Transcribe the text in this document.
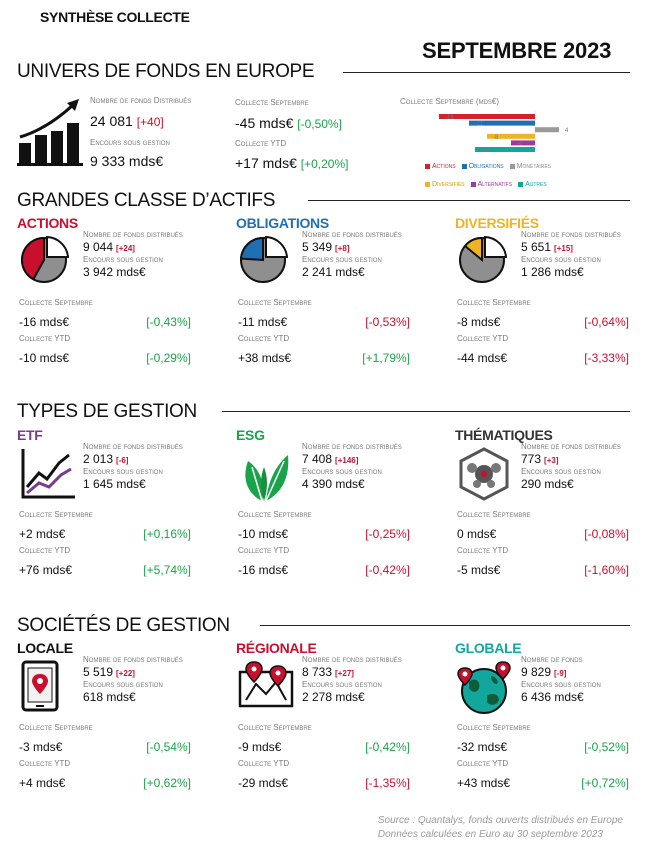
SYNTHÈSE COLLECTE
SEPTEMBRE 2023
UNIVERS DE FONDS EN EUROPE
Nombre de fonds Distribués
24 081 [+40]
Encours sous gestion
9 333 mds€
Collecte Septembre
-45 mds€ [-0,50%]
Collecte YTD
+17 mds€ [+0,20%]
Collecte Septembre (mds€)
-16
-11
4
-8
-4
-10
Actions Obligations Monétaires
Diversifiés Alternatifs Autres
GRANDES CLASSE D’ACTIFS
ACTIONS
Nombre de fonds distribués
9 044 [+24]
Encours sous gestion
3 942 mds€
Collecte Septembre
-16 mds€	[-0,43%]
Collecte YTD
-10 mds€	[-0,29%]
OBLIGATIONS
Nombre de fonds distribués
5 349 [+8]
Encours sous gestion
2 241 mds€
Collecte Septembre
-11 mds€	[-0,53%]
Collecte YTD
+38 mds€	[+1,79%]
DIVERSIFIÉS
Nombre de fonds distribués
5 651 [+15]
Encours sous gestion
1 286 mds€
Collecte Septembre
-8 mds€	[-0,64%]
Collecte YTD
-44 mds€	[-3,33%]
TYPES DE GESTION
ETF
Nombre de fonds distribués
2 013 [-6]
Encours sous gestion
1 645 mds€
Collecte Septembre
+2 mds€	[+0,16%]
Collecte YTD
+76 mds€	[+5,74%]
ESG
Nombre de fonds distribués
7 408 [+146]
Encours sous gestion
4 390 mds€
Collecte Septembre
-10 mds€	[-0,25%]
Collecte YTD
-16 mds€	[-0,42%]
THÉMATIQUES
Nombre de fonds distribués
773 [+3]
Encours sous gestion
290 mds€
Collecte Septembre
0 mds€	[-0,08%]
Collecte YTD
-5 mds€	[-1,60%]
SOCIÉTÉS DE GESTION
LOCALE
Nombre de fonds distribués
5 519 [+22]
Encours sous gestion
618 mds€
Collecte Septembre
-3 mds€	[-0,54%]
Collecte YTD
+4 mds€	[+0,62%]
RÉGIONALE
Nombre de fonds distribués
8 733 [+27]
Encours sous gestion
2 278 mds€
Collecte Septembre
-9 mds€	[-0,42%]
Collecte YTD
-29 mds€	[-1,35%]
GLOBALE
Nombre de fonds
9 829 [-9]
Encours sous gestion
6 436 mds€
Collecte Septembre
-32 mds€	[-0,52%]
Collecte YTD
+43 mds€	[+0,72%]
Source : Quantalys, fonds ouverts distribués en Europe
Données calculées en Euro au 30 septembre 2023
